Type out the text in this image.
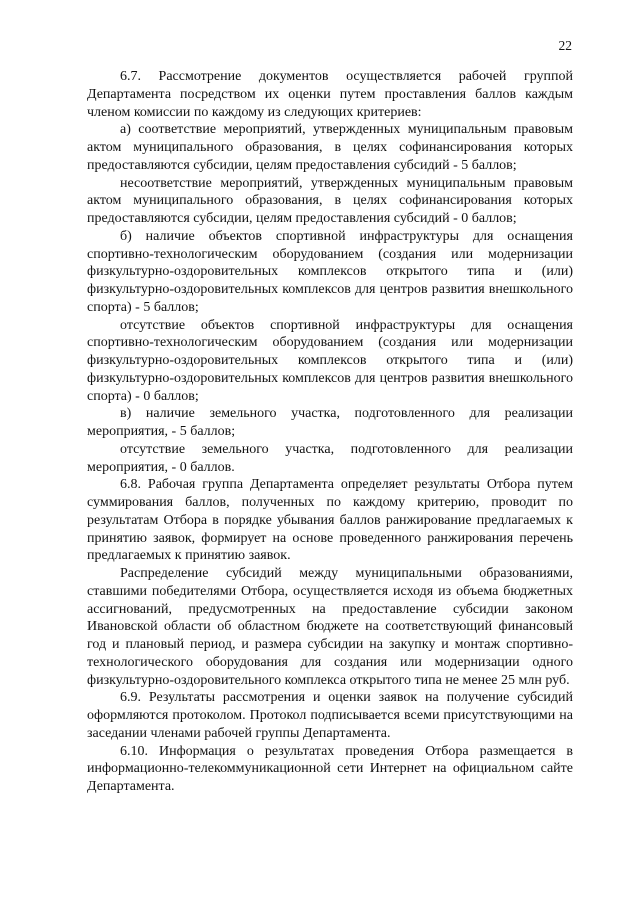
22

6.7. Рассмотрение документов осуществляется рабочей группой Департамента посредством их оценки путем проставления баллов каждым членом комиссии по каждому из следующих критериев:

а) соответствие мероприятий, утвержденных муниципальным правовым актом муниципального образования, в целях софинансирования которых предоставляются субсидии, целям предоставления субсидий - 5 баллов;

несоответствие мероприятий, утвержденных муниципальным правовым актом муниципального образования, в целях софинансирования которых предоставляются субсидии, целям предоставления субсидий - 0 баллов;

б) наличие объектов спортивной инфраструктуры для оснащения спортивно-технологическим оборудованием (создания или модернизации физкультурно-оздоровительных комплексов открытого типа и (или) физкультурно-оздоровительных комплексов для центров развития внешкольного спорта) - 5 баллов;

отсутствие объектов спортивной инфраструктуры для оснащения спортивно-технологическим оборудованием (создания или модернизации физкультурно-оздоровительных комплексов открытого типа и (или) физкультурно-оздоровительных комплексов для центров развития внешкольного спорта) - 0 баллов;

в) наличие земельного участка, подготовленного для реализации мероприятия, - 5 баллов;

отсутствие земельного участка, подготовленного для реализации мероприятия, - 0 баллов.

6.8. Рабочая группа Департамента определяет результаты Отбора путем суммирования баллов, полученных по каждому критерию, проводит по результатам Отбора в порядке убывания баллов ранжирование предлагаемых к принятию заявок, формирует на основе проведенного ранжирования перечень предлагаемых к принятию заявок.

Распределение субсидий между муниципальными образованиями, ставшими победителями Отбора, осуществляется исходя из объема бюджетных ассигнований, предусмотренных на предоставление субсидии законом Ивановской области об областном бюджете на соответствующий финансовый год и плановый период, и размера субсидии на закупку и монтаж спортивно-технологического оборудования для создания или модернизации одного физкультурно-оздоровительного комплекса открытого типа не менее 25 млн руб.

6.9. Результаты рассмотрения и оценки заявок на получение субсидий оформляются протоколом. Протокол подписывается всеми присутствующими на заседании членами рабочей группы Департамента.

6.10. Информация о результатах проведения Отбора размещается в информационно-телекоммуникационной сети Интернет на официальном сайте Департамента.
